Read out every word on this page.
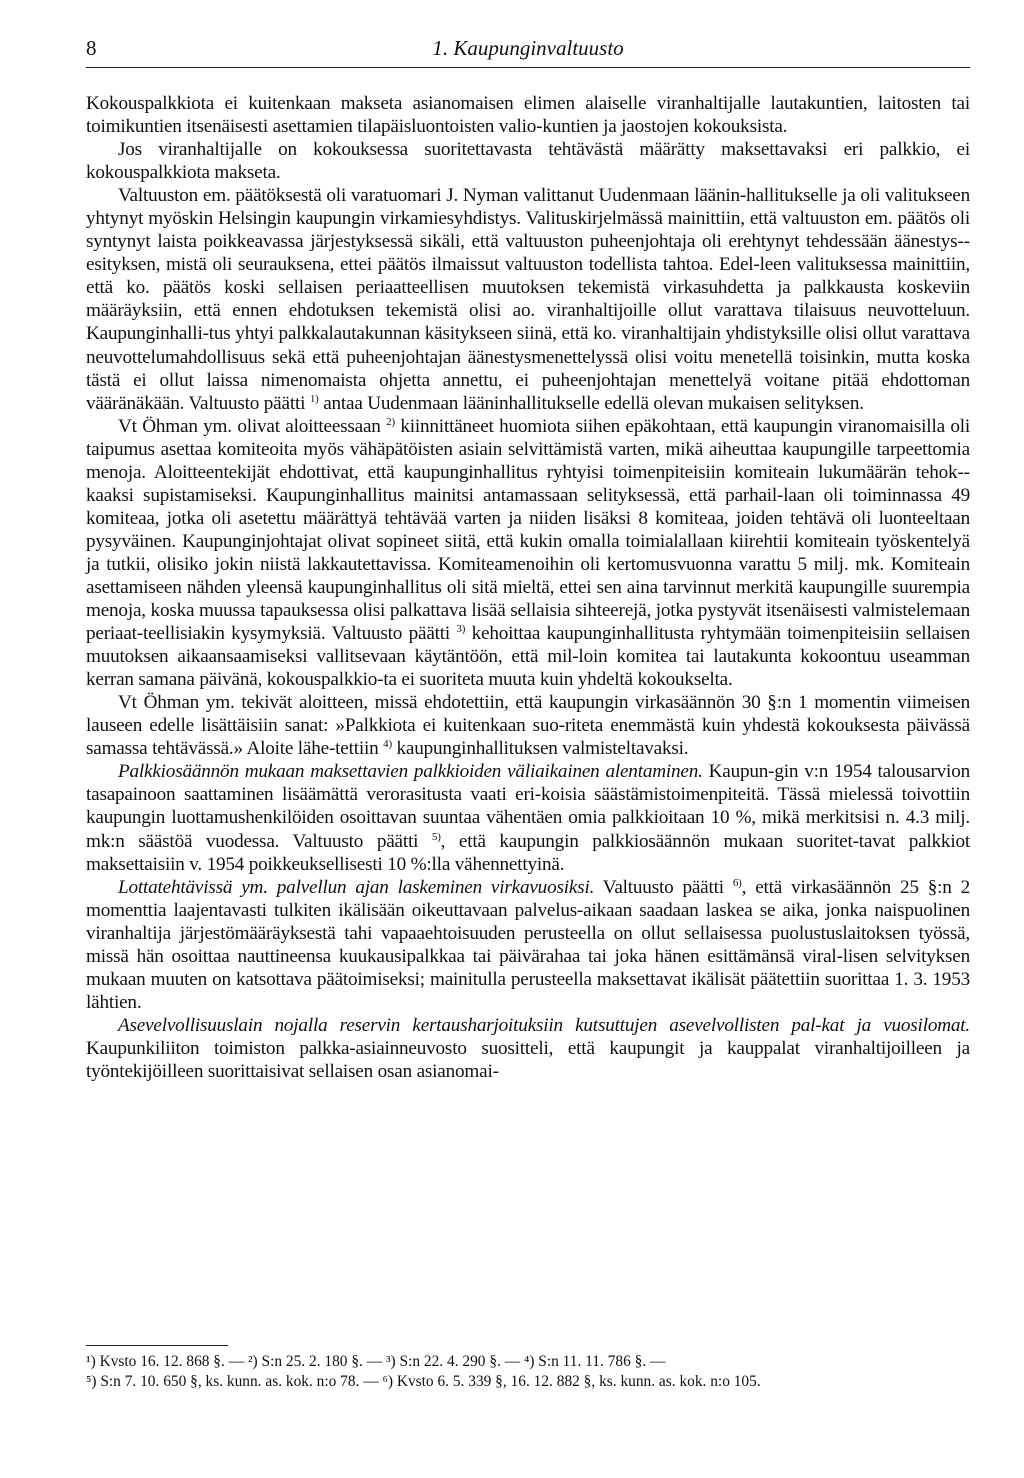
8	1. Kaupunginvaltuusto

Kokouspalkkiota ei kuitenkaan makseta asianomaisen elimen alaiselle viranhaltijalle lautakuntien, laitosten tai toimikuntien itsenäisesti asettamien tilapäisluontoisten valio-kuntien ja jaostojen kokouksista.

Jos viranhaltijalle on kokouksessa suoritettavasta tehtävästä määrätty maksettavaksi eri palkkio, ei kokouspalkkiota makseta.

Valtuuston em. päätöksestä oli varatuomari J. Nyman valittanut Uudenmaan läänin-hallitukselle ja oli valitukseen yhtynyt myöskin Helsingin kaupungin virkamiesyhdistys. Valituskirjelmässä mainittiin, että valtuuston em. päätös oli syntynyt laista poikkeavassa järjestyksessä sikäli, että valtuuston puheenjohtaja oli erehtynyt tehdessään äänestys-esityksen, mistä oli seurauksena, ettei päätös ilmaissut valtuuston todellista tahtoa. Edel-leen valituksessa mainittiin, että ko. päätös koski sellaisen periaatteellisen muutoksen tekemistä virkasuhdetta ja palkkausta koskeviin määräyksiin, että ennen ehdotuksen tekemistä olisi ao. viranhaltijoille ollut varattava tilaisuus neuvotteluun. Kaupunginhalli-tus yhtyi palkkalautakunnan käsitykseen siinä, että ko. viranhaltijain yhdistyksille olisi ollut varattava neuvottelumahdollisuus sekä että puheenjohtajan äänestysmenettelyssä olisi voitu menetellä toisinkin, mutta koska tästä ei ollut laissa nimenomaista ohjetta annettu, ei puheenjohtajan menettelyä voitane pitää ehdottoman vääränäkään. Valtuusto päätti $^{1)}$ antaa Uudenmaan lääninhallitukselle edellä olevan mukaisen selityksen.

Vt Öhman ym. olivat aloitteessaan $^{2)}$ kiinnittäneet huomiota siihen epäkohtaan, että kaupungin viranomaisilla oli taipumus asettaa komiteoita myös vähäpätöisten asiain selvittämistä varten, mikä aiheuttaa kaupungille tarpeettomia menoja. Aloitteentekijät ehdottivat, että kaupunginhallitus ryhtyisi toimenpiteisiin komiteain lukumäärän tehok-kaaksi supistamiseksi. Kaupunginhallitus mainitsi antamassaan selityksessä, että parhail-laan oli toiminnassa 49 komiteaa, jotka oli asetettu määrättyä tehtävää varten ja niiden lisäksi 8 komiteaa, joiden tehtävä oli luonteeltaan pysyväinen. Kaupunginjohtajat olivat sopineet siitä, että kukin omalla toimialallaan kiirehtii komiteain työskentelyä ja tutkii, olisiko jokin niistä lakkautettavissa. Komiteamenoihin oli kertomusvuonna varattu 5 milj. mk. Komiteain asettamiseen nähden yleensä kaupunginhallitus oli sitä mieltä, ettei sen aina tarvinnut merkitä kaupungille suurempia menoja, koska muussa tapauksessa olisi palkattava lisää sellaisia sihteerejä, jotka pystyvät itsenäisesti valmistelemaan periaat-teellisiakin kysymyksiä. Valtuusto päätti $^{3)}$ kehoittaa kaupunginhallitusta ryhtymään toimenpiteisiin sellaisen muutoksen aikaansaamiseksi vallitsevaan käytäntöön, että mil-loin komitea tai lautakunta kokoontuu useamman kerran samana päivänä, kokouspalkkio-ta ei suoriteta muuta kuin yhdeltä kokoukselta.

Vt Öhman ym. tekivät aloitteen, missä ehdotettiin, että kaupungin virkasäännön 30 §:n 1 momentin viimeisen lauseen edelle lisättäisiin sanat: »Palkkiota ei kuitenkaan suo-riteta enemmästä kuin yhdestä kokouksesta päivässä samassa tehtävässä.» Aloite lähe-tettiin $^{4)}$ kaupunginhallituksen valmisteltavaksi.

Palkkiosäännön mukaan maksettavien palkkioiden väliaikainen alentaminen. Kaupun-gin v:n 1954 talousarvion tasapainoon saattaminen lisäämättä verorasitusta vaati eri-koisia säästämistoimenpiteitä. Tässä mielessä toivottiin kaupungin luottamushenkilöiden osoittavan suuntaa vähentäen omia palkkioitaan 10 %, mikä merkitsisi n. 4.3 milj. mk:n säästöä vuodessa. Valtuusto päätti $^{5)}$, että kaupungin palkkiosäännön mukaan suoritet-tavat palkkiot maksettaisiin v. 1954 poikkeuksellisesti 10 %:lla vähennettyinä.

Lottatehtävissä ym. palvellun ajan laskeminen virkavuosiksi. Valtuusto päätti $^{6)}$, että virkasäännön 25 §:n 2 momenttia laajentavasti tulkiten ikälisään oikeuttavaan palvelus-aikaan saadaan laskea se aika, jonka naispuolinen viranhaltija järjestömääräyksestä tahi vapaaehtoisuuden perusteella on ollut sellaisessa puolustuslaitoksen työssä, missä hän osoittaa nauttineensa kuukausipalkkaa tai päivärahaa tai joka hänen esittämänsä viral-lisen selvityksen mukaan muuten on katsottava päätoimiseksi; mainitulla perusteella maksettavat ikälisät päätettiin suorittaa 1. 3. 1953 lähtien.

Asevelvollisuuslain nojalla reservin kertausharjoituksiin kutsuttujen asevelvollisten pal-kat ja vuosilomat. Kaupunkiliiton toimiston palkka-asiainneuvosto suositteli, että kaupungit ja kauppalat viranhaltijoilleen ja työntekijöilleen suorittaisivat sellaisen osan asianomai-

¹) Kvsto 16. 12. 868 §. — ²) S:n 25. 2. 180 §. — ³) S:n 22. 4. 290 §. — ⁴) S:n 11. 11. 786 §. —

⁵) S:n 7. 10. 650 §, ks. kunn. as. kok. n:o 78. — ⁶) Kvsto 6. 5. 339 §, 16. 12. 882 §, ks. kunn. as. kok. n:o 105.
